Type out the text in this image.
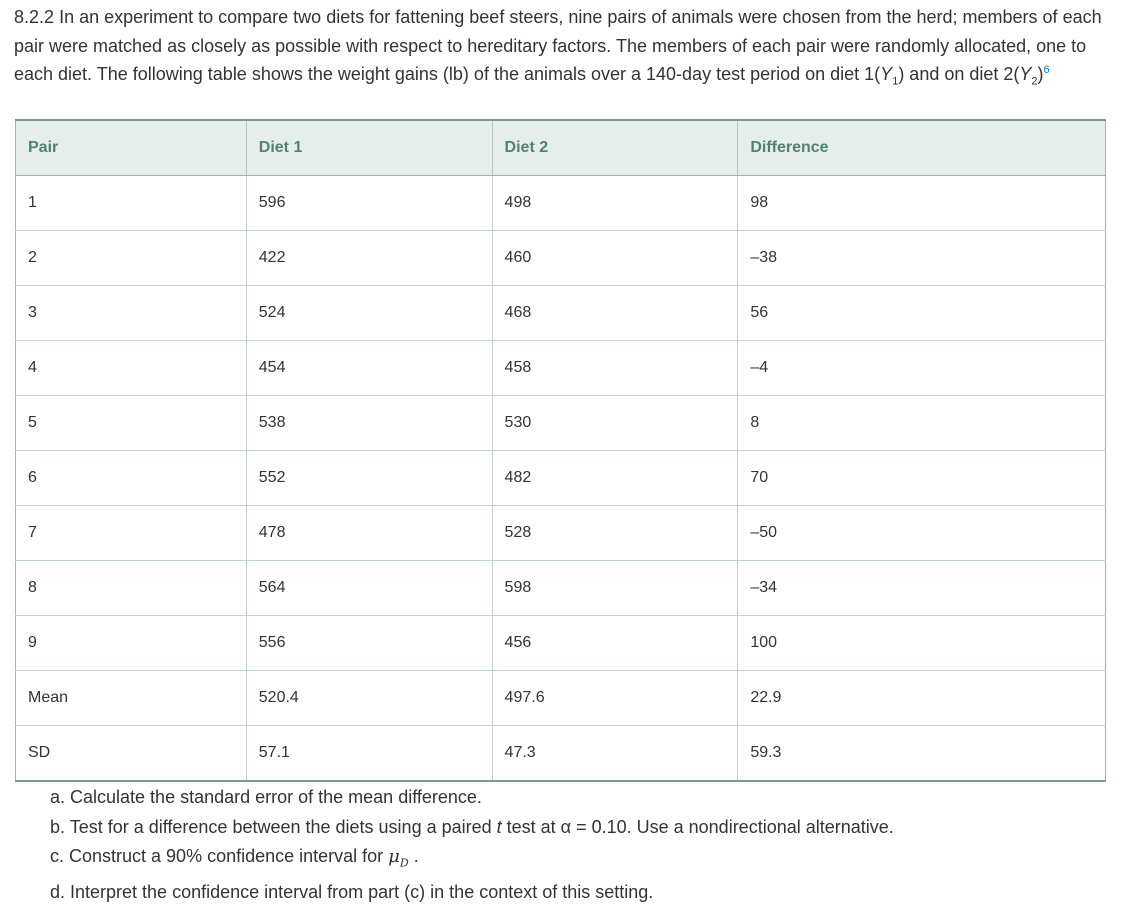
8.2.2 In an experiment to compare two diets for fattening beef steers, nine pairs of animals were chosen from the herd; members of each pair were matched as closely as possible with respect to hereditary factors. The members of each pair were randomly allocated, one to each diet. The following table shows the weight gains (lb) of the animals over a 140-day test period on diet $1(Y_1)$ and on diet $2(Y_2)^6$
Pair	Diet 1	Diet 2	Difference
1	596	498	98
2	422	460	–38
3	524	468	56
4	454	458	–4
5	538	530	8
6	552	482	70
7	478	528	–50
8	564	598	–34
9	556	456	100
Mean	520.4	497.6	22.9
SD	57.1	47.3	59.3
a. Calculate the standard error of the mean difference.
b. Test for a difference between the diets using a paired t test at α = 0.10. Use a nondirectional alternative.
c. Construct a 90% confidence interval for $\mu_D$ .
d. Interpret the confidence interval from part (c) in the context of this setting.
